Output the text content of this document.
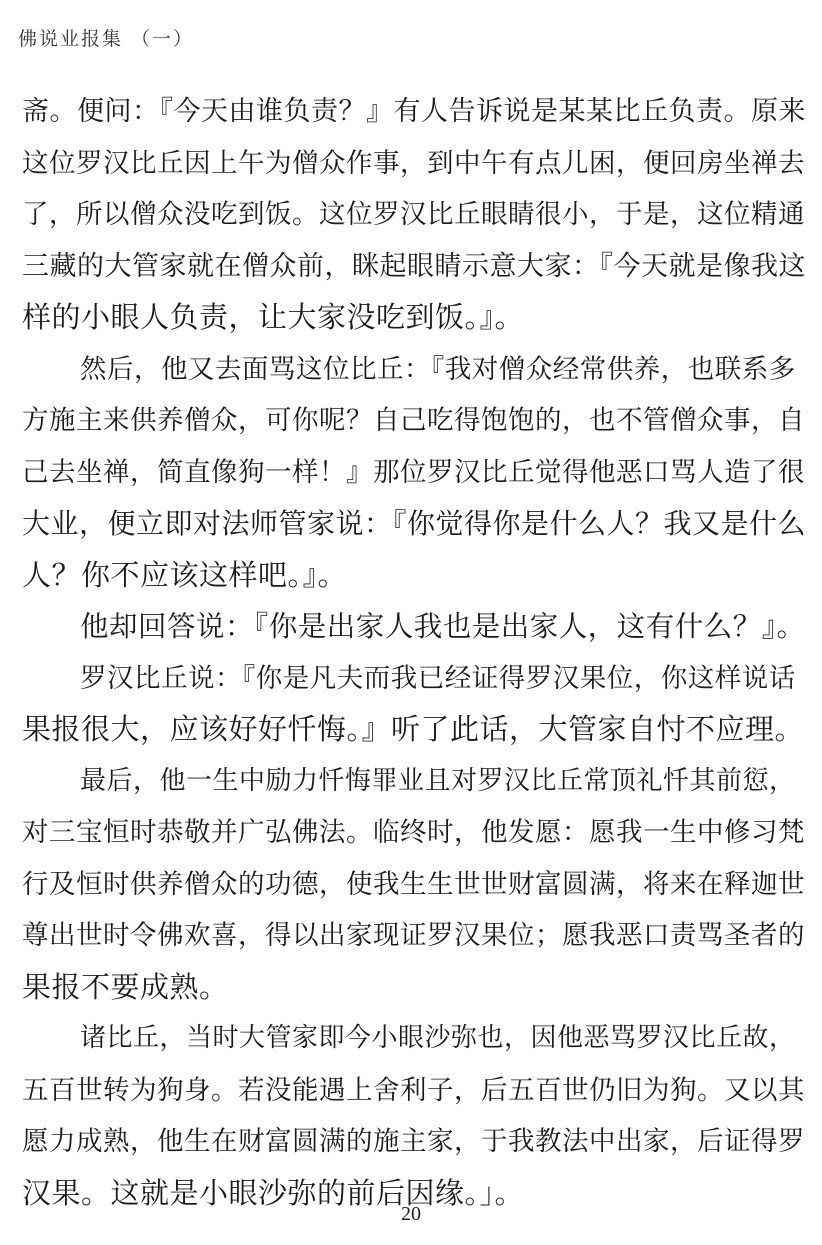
佛说业报集 （一）
斋。便问：『今天由谁负责？』有人告诉说是某某比丘负责。原来
这位罗汉比丘因上午为僧众作事，到中午有点儿困，便回房坐禅去
了，所以僧众没吃到饭。这位罗汉比丘眼睛很小，于是，这位精通
三藏的大管家就在僧众前，眯起眼睛示意大家：『今天就是像我这
样的小眼人负责，让大家没吃到饭。』。
然后，他又去面骂这位比丘：『我对僧众经常供养，也联系多
方施主来供养僧众，可你呢？自己吃得饱饱的，也不管僧众事，自
己去坐禅，简直像狗一样！』那位罗汉比丘觉得他恶口骂人造了很
大业，便立即对法师管家说：『你觉得你是什么人？我又是什么
人？你不应该这样吧。』。
他却回答说：『你是出家人我也是出家人，这有什么？』。
罗汉比丘说：『你是凡夫而我已经证得罗汉果位，你这样说话
果报很大，应该好好忏悔。』听了此话，大管家自忖不应理。
最后，他一生中励力忏悔罪业且对罗汉比丘常顶礼忏其前愆，
对三宝恒时恭敬并广弘佛法。临终时，他发愿：愿我一生中修习梵
行及恒时供养僧众的功德，使我生生世世财富圆满，将来在释迦世
尊出世时令佛欢喜，得以出家现证罗汉果位；愿我恶口责骂圣者的
果报不要成熟。
诸比丘，当时大管家即今小眼沙弥也，因他恶骂罗汉比丘故，
五百世转为狗身。若没能遇上舍利子，后五百世仍旧为狗。又以其
愿力成熟，他生在财富圆满的施主家，于我教法中出家，后证得罗
汉果。这就是小眼沙弥的前后因缘。」。
20
